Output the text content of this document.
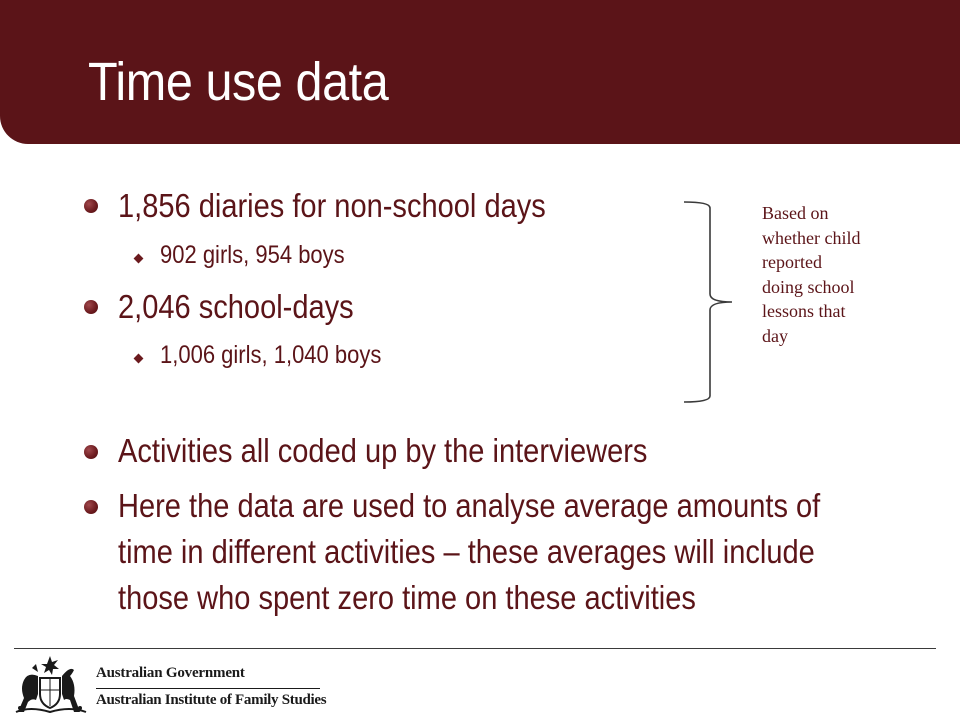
Time use data
1,856 diaries for non-school days
902 girls, 954 boys
2,046 school-days
1,006 girls, 1,040 boys
Activities all coded up by the interviewers
Here the data are used to analyse average amounts of
time in different activities – these averages will include
those who spent zero time on these activities
Based on
whether child
reported
doing school
lessons that
day
Australian Government
Australian Institute of Family Studies
